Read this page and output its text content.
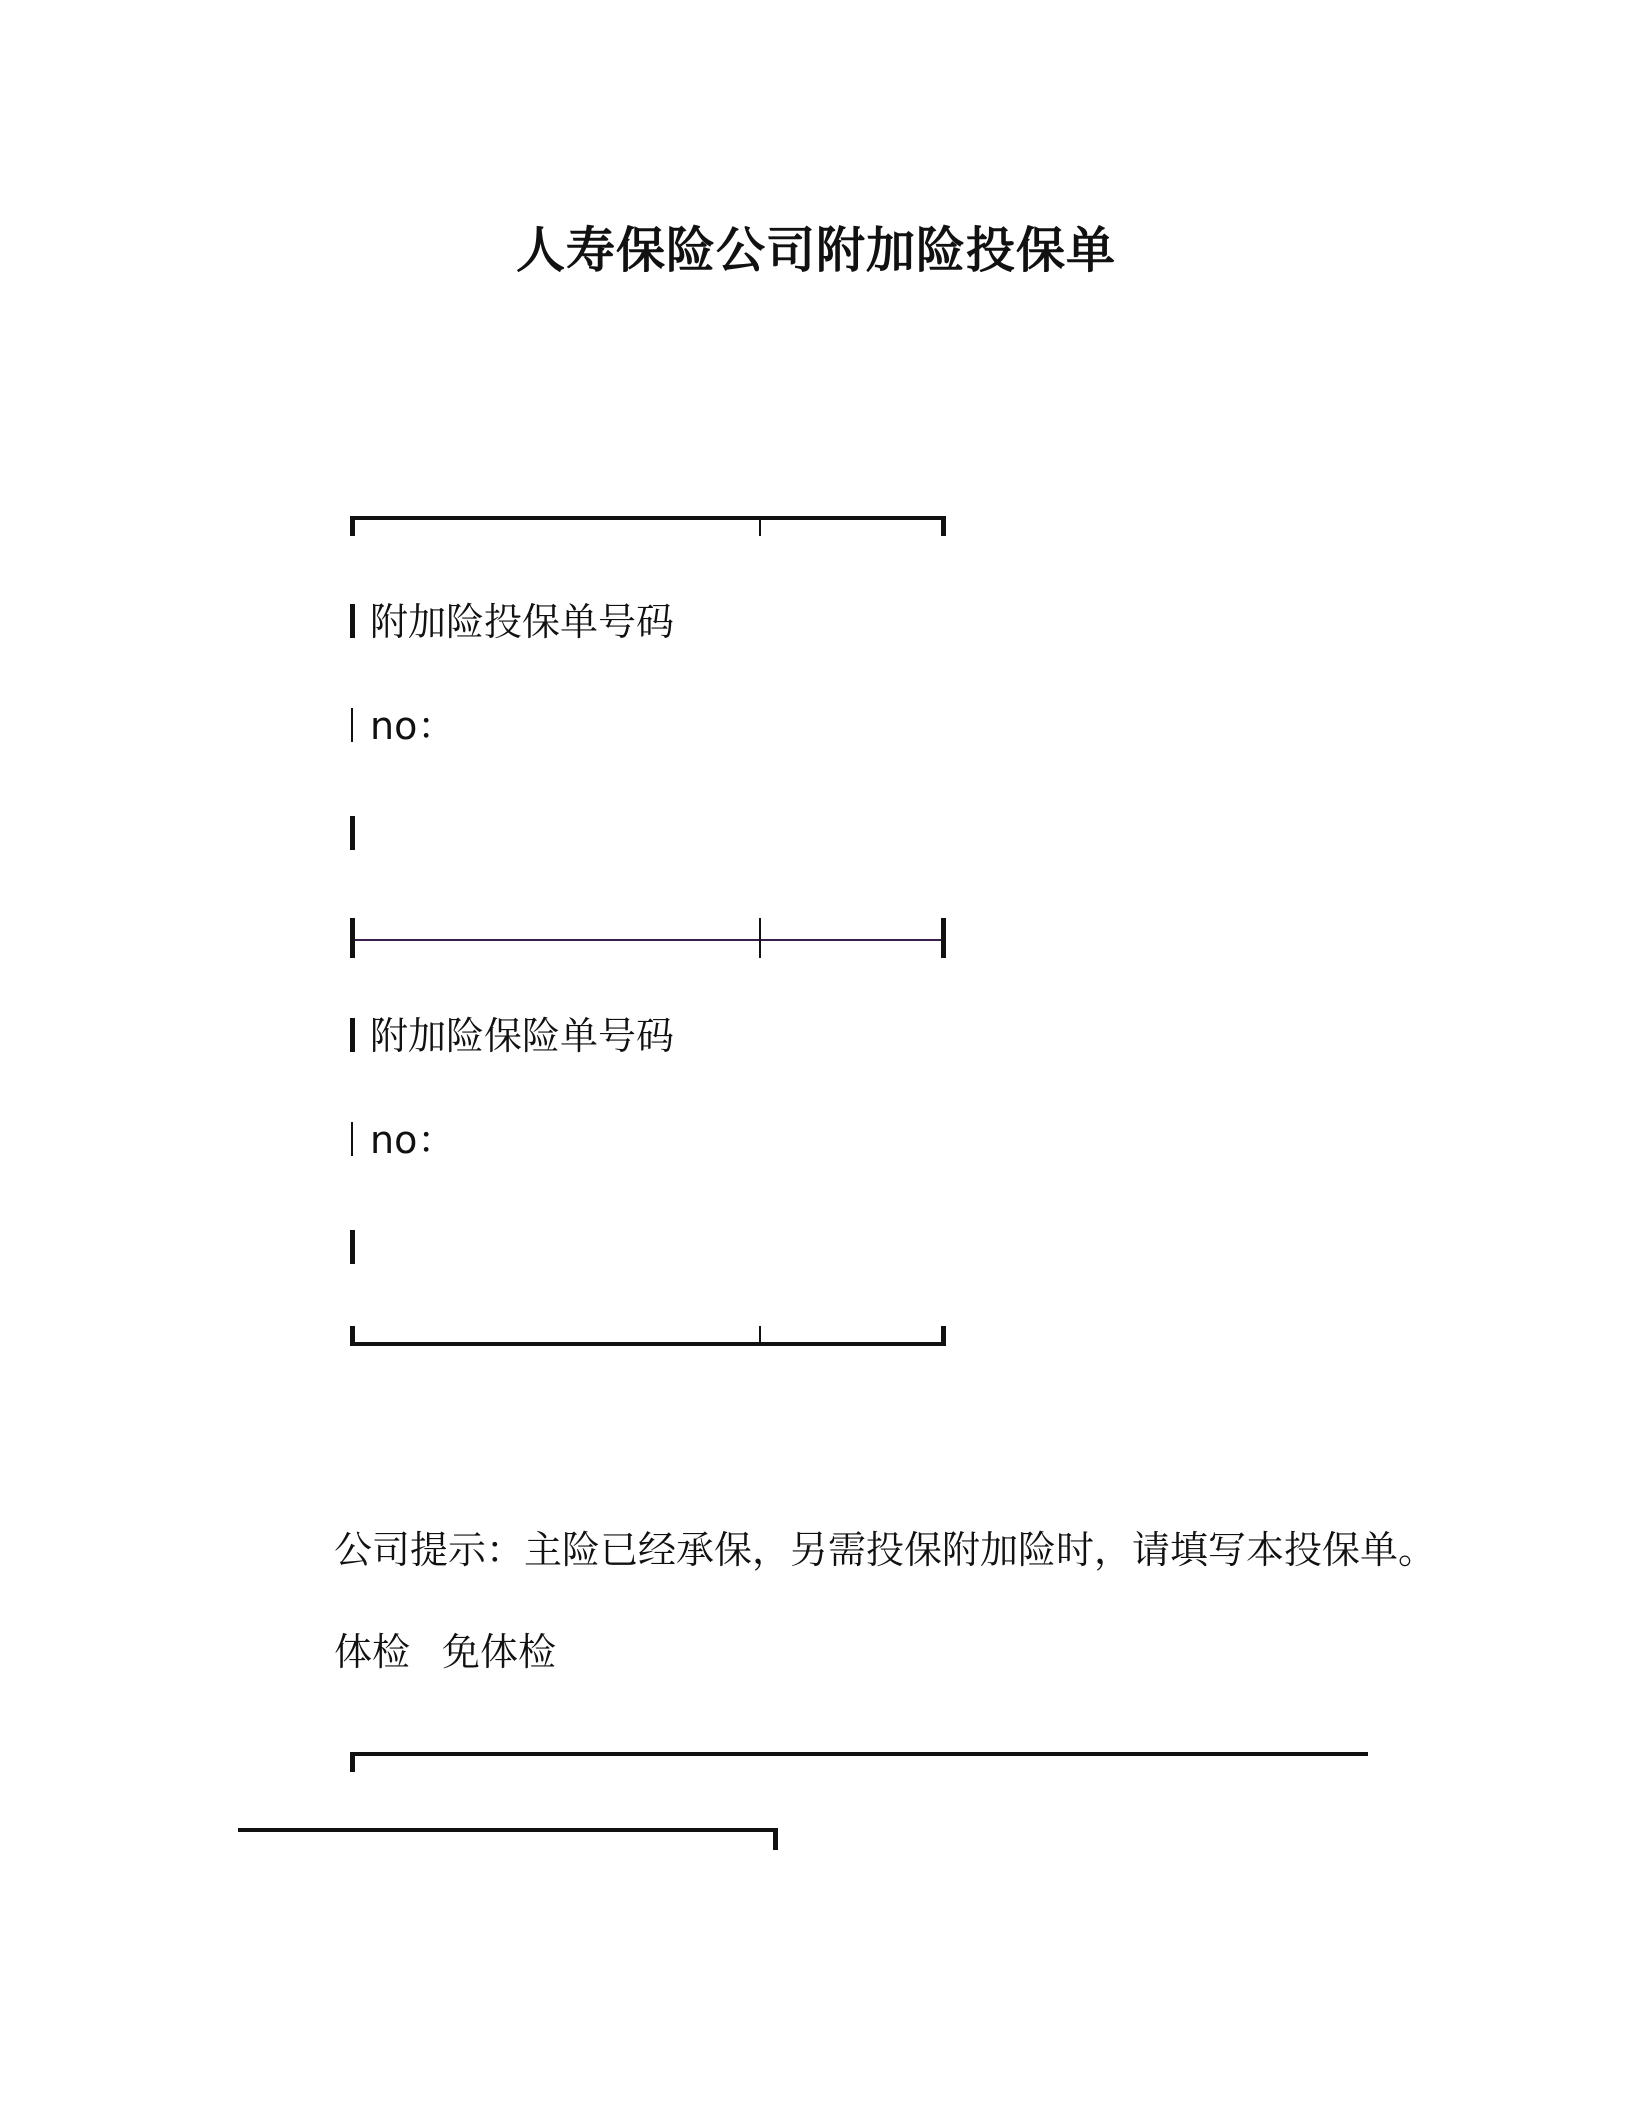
人寿保险公司附加险投保单
附加险投保单号码
no：
附加险保险单号码
no：
公司提示：主险已经承保，另需投保附加险时，请填写本投保单。
体检 免体检
